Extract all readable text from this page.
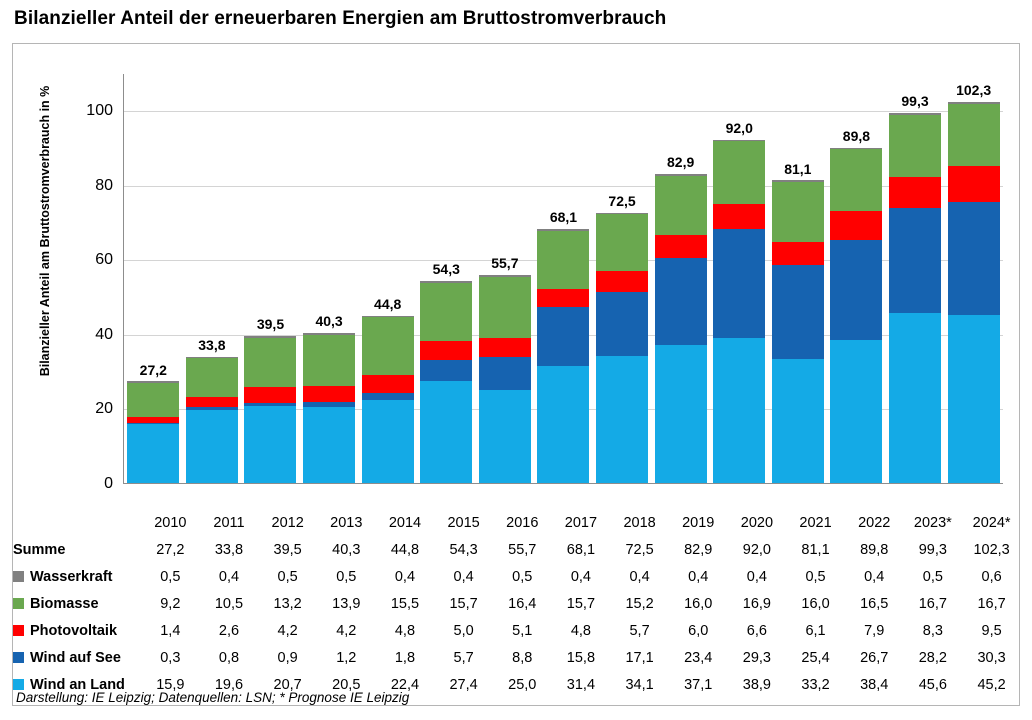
Bilanzieller Anteil der erneuerbaren Energien am Bruttostromverbrauch
Bilanzieller Anteil am Bruttostromverbrauch in %
0
20
40
60
80
100
27,2
33,8
39,5 40,3
44,8
54,3 55,7
68,1
72,5
82,9
92,0
81,1
89,8
99,3
102,3
	2010	2011	2012	2013	2014	2015	2016	2017	2018	2019	2020	2021	2022	2023*	2024*
Summe	27,2	33,8	39,5	40,3	44,8	54,3	55,7	68,1	72,5	82,9	92,0	81,1	89,8	99,3	102,3
Wasserkraft	0,5	0,4	0,5	0,5	0,4	0,4	0,5	0,4	0,4	0,4	0,4	0,5	0,4	0,5	0,6
Biomasse	9,2	10,5	13,2	13,9	15,5	15,7	16,4	15,7	15,2	16,0	16,9	16,0	16,5	16,7	16,7
Photovoltaik	1,4	2,6	4,2	4,2	4,8	5,0	5,1	4,8	5,7	6,0	6,6	6,1	7,9	8,3	9,5
Wind auf See	0,3	0,8	0,9	1,2	1,8	5,7	8,8	15,8	17,1	23,4	29,3	25,4	26,7	28,2	30,3
Wind an Land	15,9	19,6	20,7	20,5	22,4	27,4	25,0	31,4	34,1	37,1	38,9	33,2	38,4	45,6	45,2
Darstellung: IE Leipzig; Datenquellen: LSN; * Prognose IE Leipzig
